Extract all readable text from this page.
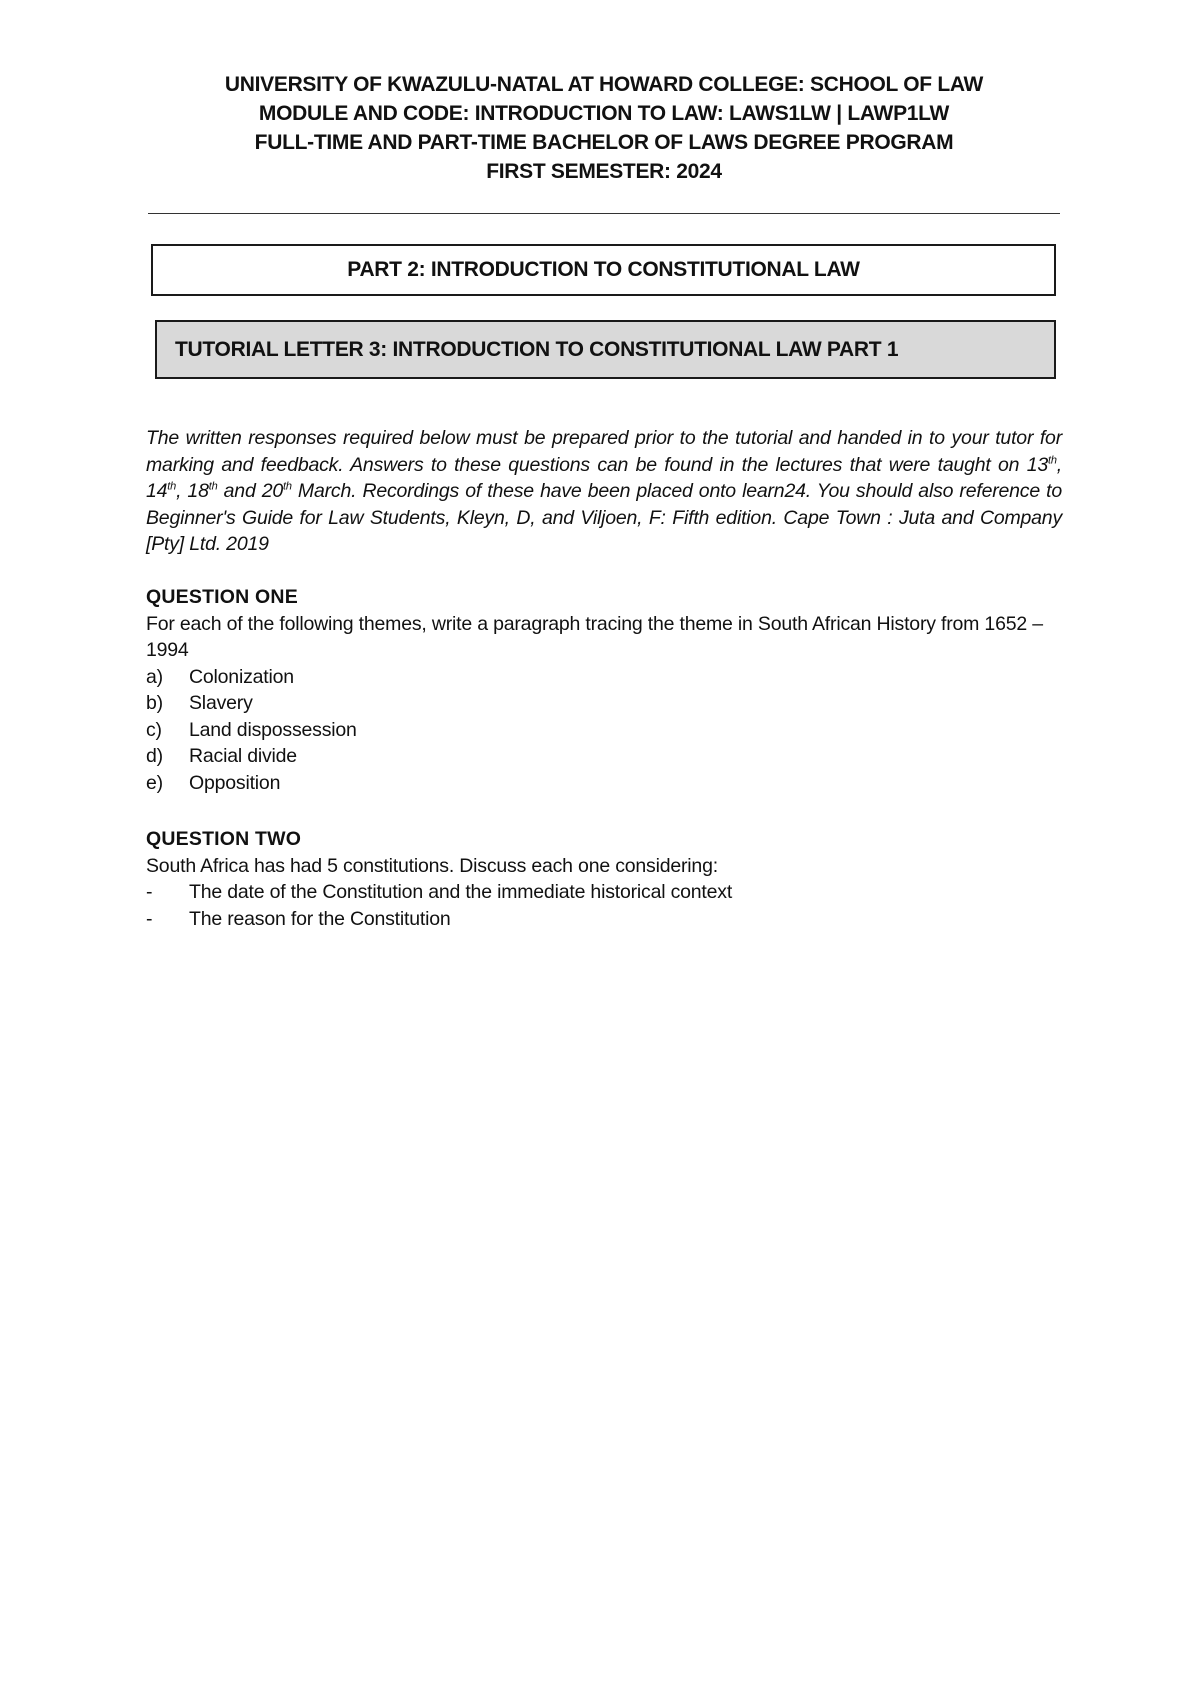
UNIVERSITY OF KWAZULU-NATAL AT HOWARD COLLEGE: SCHOOL OF LAW
MODULE AND CODE: INTRODUCTION TO LAW: LAWS1LW | LAWP1LW
FULL-TIME AND PART-TIME BACHELOR OF LAWS DEGREE PROGRAM
FIRST SEMESTER: 2024
PART 2: INTRODUCTION TO CONSTITUTIONAL LAW
TUTORIAL LETTER 3: INTRODUCTION TO CONSTITUTIONAL LAW PART 1
The written responses required below must be prepared prior to the tutorial and handed in to your tutor for marking and feedback. Answers to these questions can be found in the lectures that were taught on 13th, 14th, 18th and 20th March. Recordings of these have been placed onto learn24. You should also reference to Beginner's Guide for Law Students, Kleyn, D, and Viljoen, F: Fifth edition. Cape Town : Juta and Company [Pty] Ltd. 2019
QUESTION ONE
For each of the following themes, write a paragraph tracing the theme in South African History from 1652 – 1994
a)	Colonization
b)	Slavery
c)	Land dispossession
d)	Racial divide
e)	Opposition
QUESTION TWO
South Africa has had 5 constitutions. Discuss each one considering:
-	The date of the Constitution and the immediate historical context
-	The reason for the Constitution
